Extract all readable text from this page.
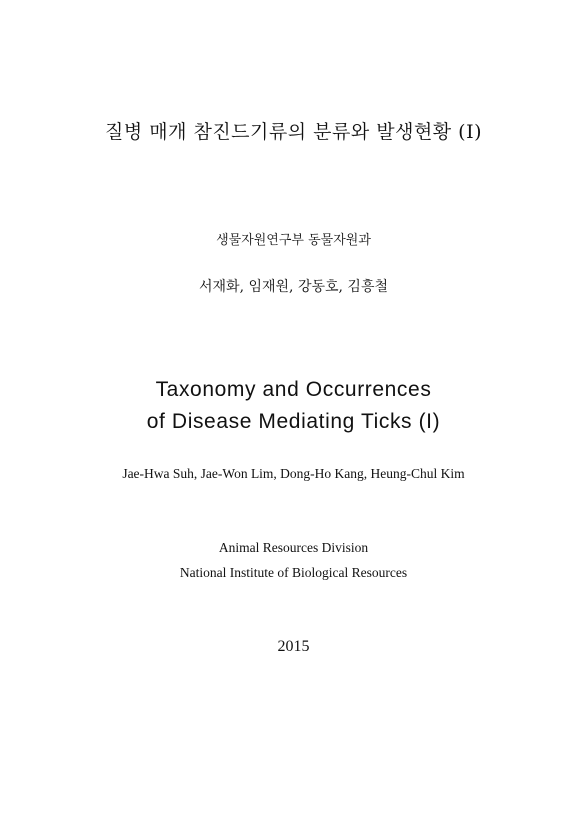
질병 매개 참진드기류의 분류와 발생현황 (I)
생물자원연구부 동물자원과
서재화, 임재원, 강동호, 김흥철
Taxonomy and Occurrences
of Disease Mediating Ticks (I)
Jae-Hwa Suh, Jae-Won Lim, Dong-Ho Kang, Heung-Chul Kim
Animal Resources Division
National Institute of Biological Resources
2015
